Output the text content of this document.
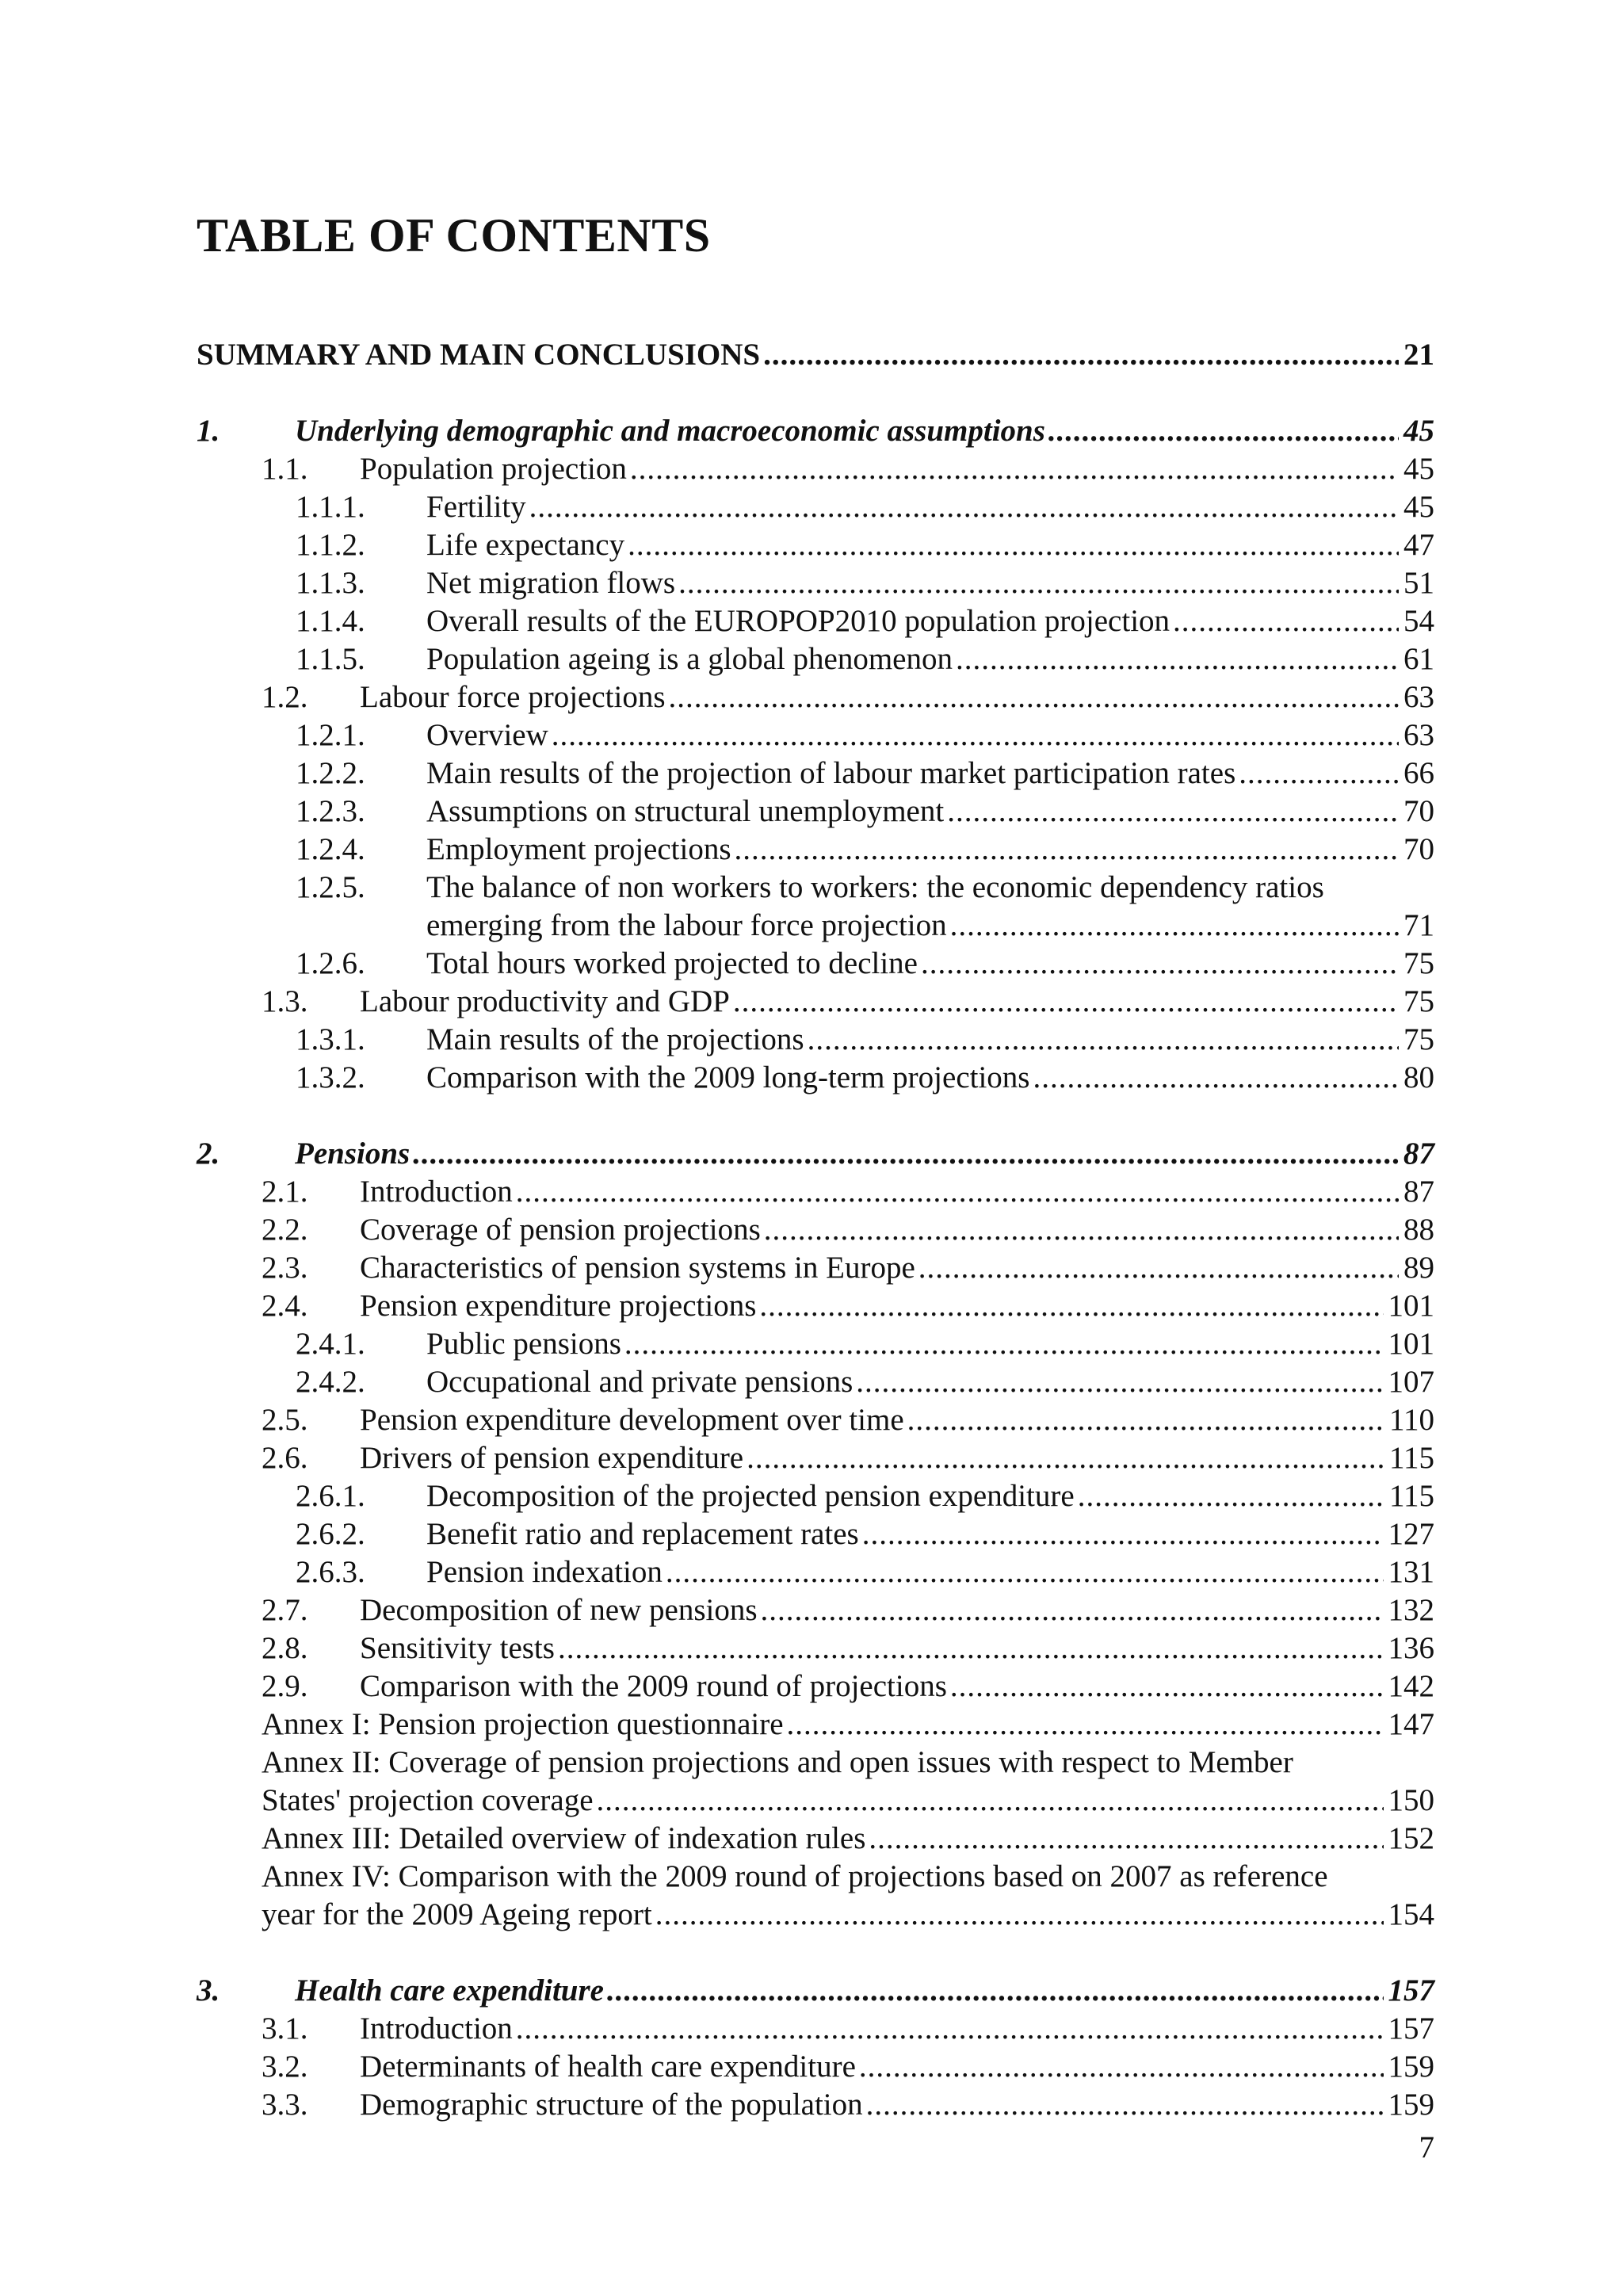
TABLE OF CONTENTS
SUMMARY AND MAIN CONCLUSIONS .....	21
1. Underlying demographic and macroeconomic assumptions .....	45
1.1. Population projection .....	45
1.1.1. Fertility .....	45
1.1.2. Life expectancy .....	47
1.1.3. Net migration flows .....	51
1.1.4. Overall results of the EUROPOP2010 population projection .....	54
1.1.5. Population ageing is a global phenomenon .....	61
1.2. Labour force projections .....	63
1.2.1. Overview .....	63
1.2.2. Main results of the projection of labour market participation rates .....	66
1.2.3. Assumptions on structural unemployment .....	70
1.2.4. Employment projections .....	70
1.2.5. The balance of non workers to workers: the economic dependency ratios
emerging from the labour force projection .....	71
1.2.6. Total hours worked projected to decline .....	75
1.3. Labour productivity and GDP .....	75
1.3.1. Main results of the projections .....	75
1.3.2. Comparison with the 2009 long-term projections .....	80
2. Pensions .....	87
2.1. Introduction .....	87
2.2. Coverage of pension projections .....	88
2.3. Characteristics of pension systems in Europe .....	89
2.4. Pension expenditure projections .....	101
2.4.1. Public pensions .....	101
2.4.2. Occupational and private pensions .....	107
2.5. Pension expenditure development over time .....	110
2.6. Drivers of pension expenditure .....	115
2.6.1. Decomposition of the projected pension expenditure .....	115
2.6.2. Benefit ratio and replacement rates .....	127
2.6.3. Pension indexation .....	131
2.7. Decomposition of new pensions .....	132
2.8. Sensitivity tests .....	136
2.9. Comparison with the 2009 round of projections .....	142
Annex I: Pension projection questionnaire .....	147
Annex II: Coverage of pension projections and open issues with respect to Member
States' projection coverage .....	150
Annex III: Detailed overview of indexation rules .....	152
Annex IV: Comparison with the 2009 round of projections based on 2007 as reference
year for the 2009 Ageing report .....	154
3. Health care expenditure .....	157
3.1. Introduction .....	157
3.2. Determinants of health care expenditure .....	159
3.3. Demographic structure of the population .....	159
7
